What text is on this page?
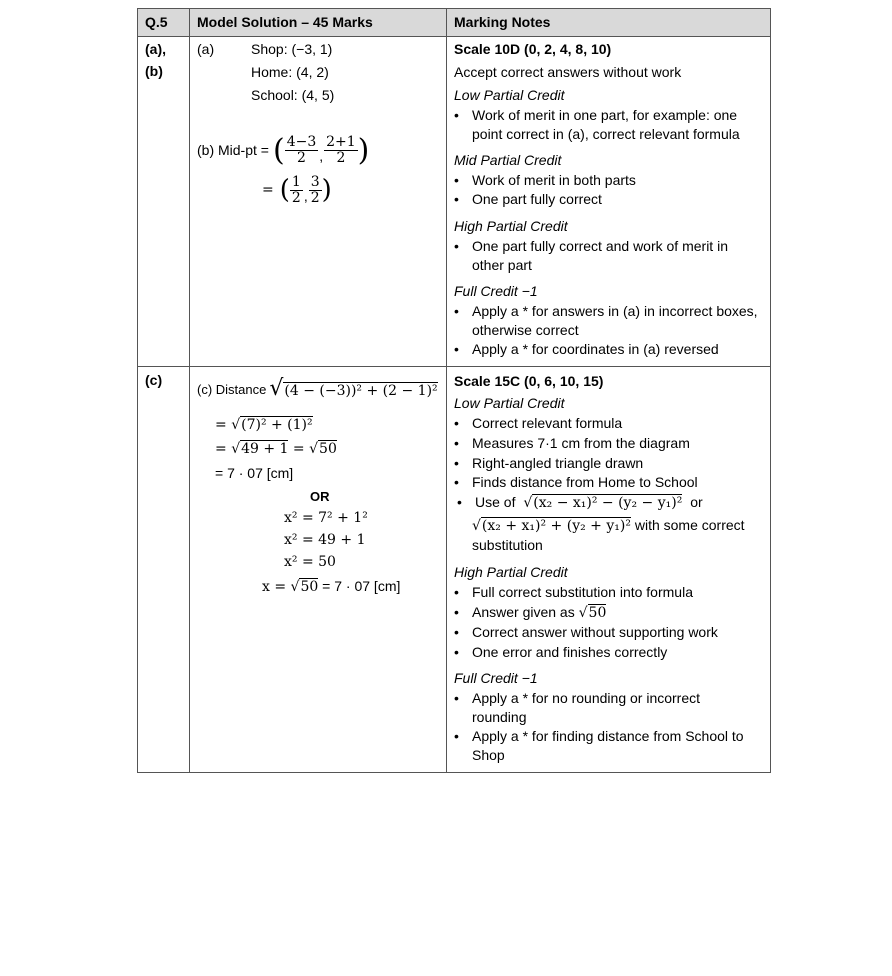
Q.5 Model Solution – 45 Marks	Marking Notes
(a),
(b)
(a)	Shop: (−3, 1)
Home: (4, 2)
School: (4, 5)
(b) Mid-pt = ( $\frac{4-3}{2}$ , $\frac{2+1}{2}$ )
= ( $\frac{1}{2}$ , $\frac{3}{2}$ )
Scale 10D (0, 2, 4, 8, 10)
Accept correct answers without work
Low Partial Credit
• Work of merit in one part, for example: one
point correct in (a), correct relevant formula
Mid Partial Credit
• Work of merit in both parts
• One part fully correct
High Partial Credit
• One part fully correct and work of merit in
other part
Full Credit −1
• Apply a * for answers in (a) in incorrect boxes,
otherwise correct
• Apply a * for coordinates in (a) reversed
(c)
(c) Distance √(4 − (−3))² + (2 − 1)²
= √(7)² + (1)²
= √49 + 1 = √50
= 7 · 07 [cm]
OR
x² = 7² + 1²
x² = 49 + 1
x² = 50
x = √50 = 7 · 07 [cm]
Scale 15C (0, 6, 10, 15)
Low Partial Credit
• Correct relevant formula
• Measures 7·1 cm from the diagram
• Right-angled triangle drawn
• Finds distance from Home to School
• Use of √(x₂ − x₁)² − (y₂ − y₁)² or
√(x₂ + x₁)² + (y₂ + y₁)² with some correct
substitution
High Partial Credit
• Full correct substitution into formula
• Answer given as √50
• Correct answer without supporting work
• One error and finishes correctly
Full Credit −1
• Apply a * for no rounding or incorrect
rounding
• Apply a * for finding distance from School to
Shop
